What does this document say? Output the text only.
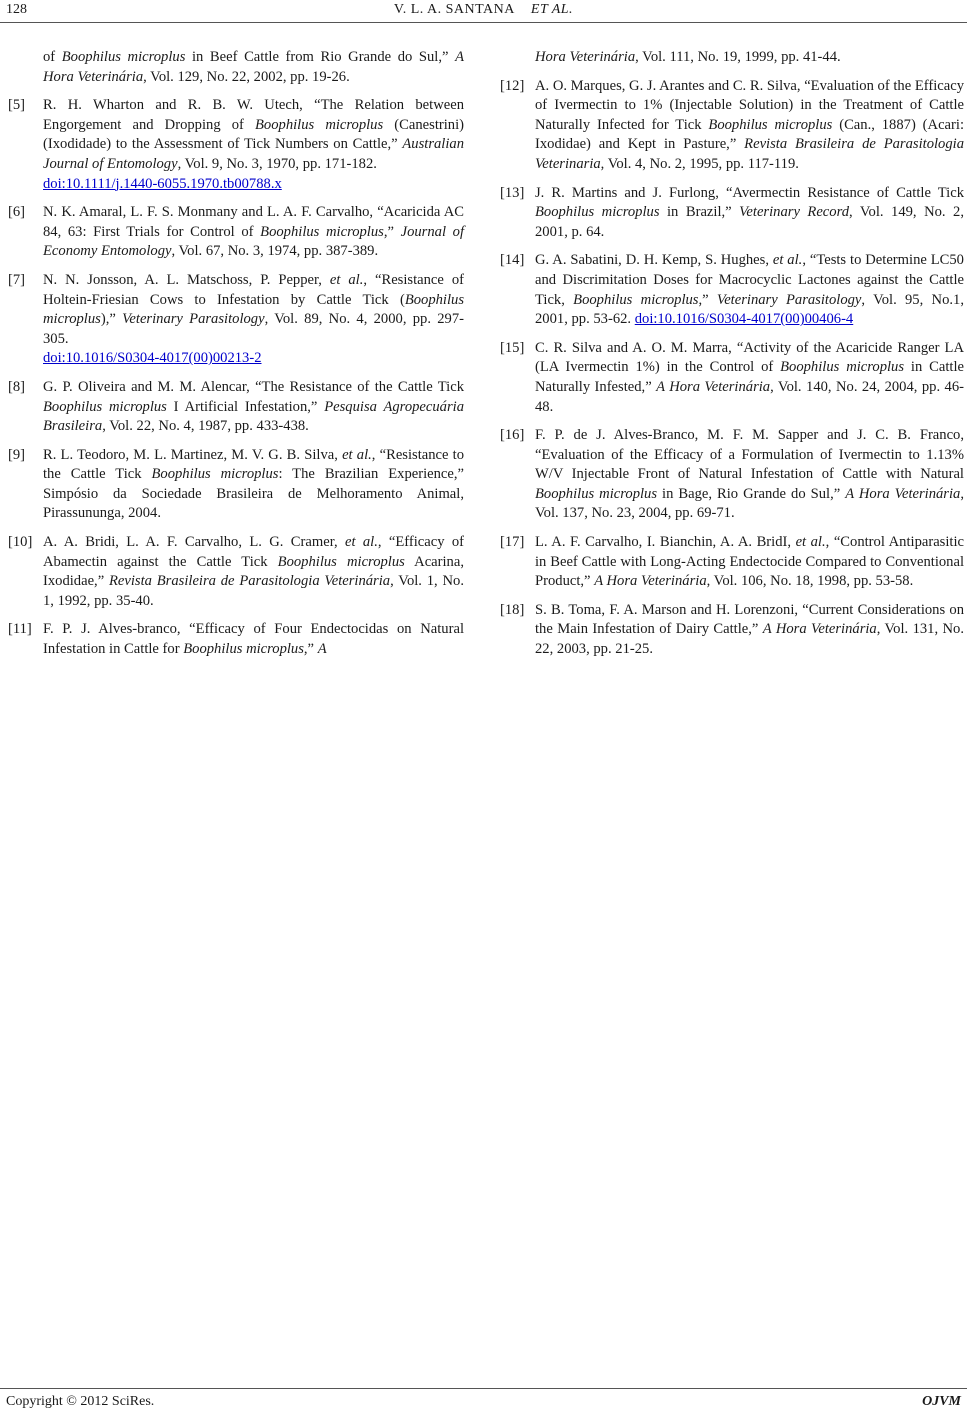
128	V. L. A. SANTANA ET AL.
of Boophilus microplus in Beef Cattle from Rio Grande do Sul,” A Hora Veterinária, Vol. 129, No. 22, 2002, pp. 19-26.
[5] R. H. Wharton and R. B. W. Utech, “The Relation between Engorgement and Dropping of Boophilus microplus (Canestrini) (Ixodidade) to the Assessment of Tick Numbers on Cattle,” Australian Journal of Entomology, Vol. 9, No. 3, 1970, pp. 171-182.
doi:10.1111/j.1440-6055.1970.tb00788.x
[6] N. K. Amaral, L. F. S. Monmany and L. A. F. Carvalho, “Acaricida AC 84, 63: First Trials for Control of Boophilus microplus,” Journal of Economy Entomology, Vol. 67, No. 3, 1974, pp. 387-389.
[7] N. N. Jonsson, A. L. Matschoss, P. Pepper, et al., “Resistance of Holtein-Friesian Cows to Infestation by Cattle Tick (Boophilus microplus),” Veterinary Parasitology, Vol. 89, No. 4, 2000, pp. 297-305.
doi:10.1016/S0304-4017(00)00213-2
[8] G. P. Oliveira and M. M. Alencar, “The Resistance of the Cattle Tick Boophilus microplus I Artificial Infestation,” Pesquisa Agropecuária Brasileira, Vol. 22, No. 4, 1987, pp. 433-438.
[9] R. L. Teodoro, M. L. Martinez, M. V. G. B. Silva, et al., “Resistance to the Cattle Tick Boophilus microplus: The Brazilian Experience,” Simpósio da Sociedade Brasileira de Melhoramento Animal, Pirassununga, 2004.
[10] A. A. Bridi, L. A. F. Carvalho, L. G. Cramer, et al., “Efficacy of Abamectin against the Cattle Tick Boophilus microplus Acarina, Ixodidae,” Revista Brasileira de Parasitologia Veterinária, Vol. 1, No. 1, 1992, pp. 35-40.
[11] F. P. J. Alves-branco, “Efficacy of Four Endectocidas on Natural Infestation in Cattle for Boophilus microplus,” A
Hora Veterinária, Vol. 111, No. 19, 1999, pp. 41-44.
[12] A. O. Marques, G. J. Arantes and C. R. Silva, “Evaluation of the Efficacy of Ivermectin to 1% (Injectable Solution) in the Treatment of Cattle Naturally Infected for Tick Boophilus microplus (Can., 1887) (Acari: Ixodidae) and Kept in Pasture,” Revista Brasileira de Parasitologia Veterinaria, Vol. 4, No. 2, 1995, pp. 117-119.
[13] J. R. Martins and J. Furlong, “Avermectin Resistance of Cattle Tick Boophilus microplus in Brazil,” Veterinary Record, Vol. 149, No. 2, 2001, p. 64.
[14] G. A. Sabatini, D. H. Kemp, S. Hughes, et al., “Tests to Determine LC50 and Discrimitation Doses for Macrocyclic Lactones against the Cattle Tick, Boophilus microplus,” Veterinary Parasitology, Vol. 95, No.1, 2001, pp. 53-62. doi:10.1016/S0304-4017(00)00406-4
[15] C. R. Silva and A. O. M. Marra, “Activity of the Acaricide Ranger LA (LA Ivermectin 1%) in the Control of Boophilus microplus in Cattle Naturally Infested,” A Hora Veterinária, Vol. 140, No. 24, 2004, pp. 46-48.
[16] F. P. de J. Alves-Branco, M. F. M. Sapper and J. C. B. Franco, “Evaluation of the Efficacy of a Formulation of Ivermectin to 1.13% W/V Injectable Front of Natural Infestation of Cattle with Natural Boophilus microplus in Bage, Rio Grande do Sul,” A Hora Veterinária, Vol. 137, No. 23, 2004, pp. 69-71.
[17] L. A. F. Carvalho, I. Bianchin, A. A. BridI, et al., “Control Antiparasitic in Beef Cattle with Long-Acting Endectocide Compared to Conventional Product,” A Hora Veterinária, Vol. 106, No. 18, 1998, pp. 53-58.
[18] S. B. Toma, F. A. Marson and H. Lorenzoni, “Current Considerations on the Main Infestation of Dairy Cattle,” A Hora Veterinária, Vol. 131, No. 22, 2003, pp. 21-25.
Copyright © 2012 SciRes.	OJVM
